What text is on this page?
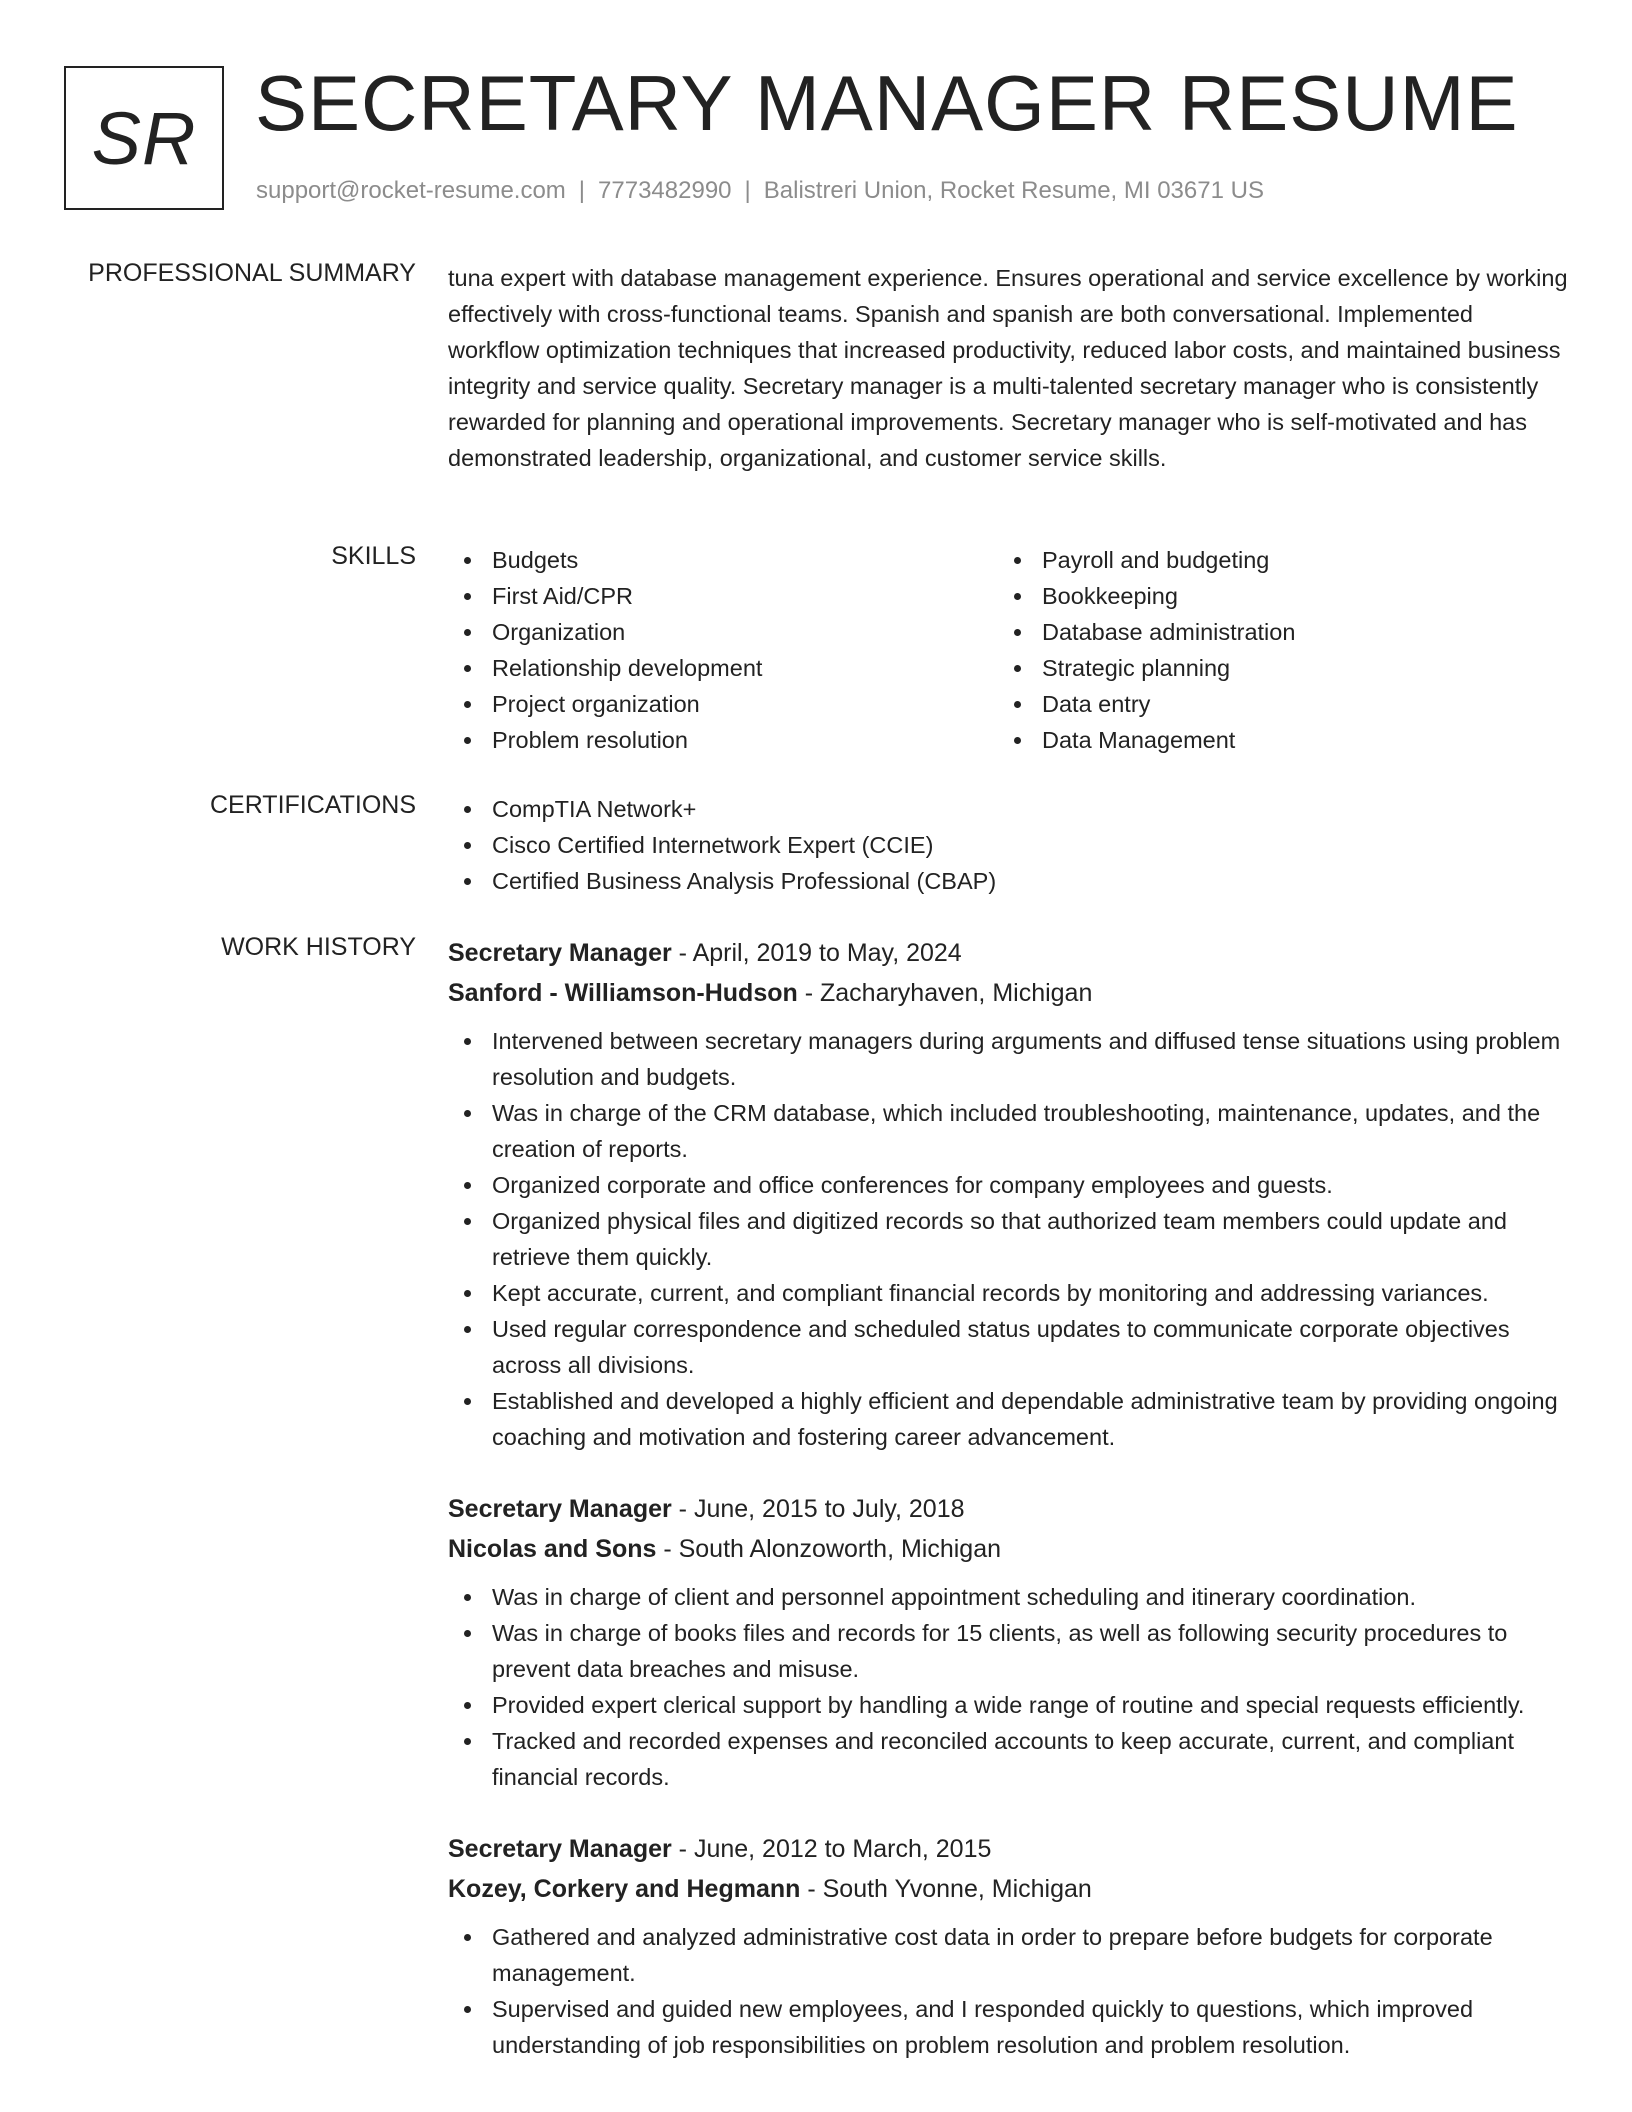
SR SECRETARY MANAGER RESUME
support@rocket-resume.com | 7773482990 | Balistreri Union, Rocket Resume, MI 03671 US
PROFESSIONAL SUMMARY tuna expert with database management experience. Ensures operational and service excellence by working effectively with cross-functional teams. Spanish and spanish are both conversational. Implemented workflow optimization techniques that increased productivity, reduced labor costs, and maintained business integrity and service quality. Secretary manager is a multi-talented secretary manager who is consistently rewarded for planning and operational improvements. Secretary manager who is self-motivated and has demonstrated leadership, organizational, and customer service skills.
SKILLS	Budgets
First Aid/CPR
Organization
Relationship development
Project organization
Problem resolution
Payroll and budgeting
Bookkeeping
Database administration
Strategic planning
Data entry
Data Management
CERTIFICATIONS	CompTIA Network+
Cisco Certified Internetwork Expert (CCIE)
Certified Business Analysis Professional (CBAP)
WORK HISTORY Secretary Manager - April, 2019 to May, 2024
Sanford - Williamson-Hudson - Zacharyhaven, Michigan
Intervened between secretary managers during arguments and diffused tense situations using problem resolution and budgets.
Was in charge of the CRM database, which included troubleshooting, maintenance, updates, and the creation of reports.
Organized corporate and office conferences for company employees and guests.
Organized physical files and digitized records so that authorized team members could update and retrieve them quickly.
Kept accurate, current, and compliant financial records by monitoring and addressing variances.
Used regular correspondence and scheduled status updates to communicate corporate objectives across all divisions.
Established and developed a highly efficient and dependable administrative team by providing ongoing coaching and motivation and fostering career advancement.
Secretary Manager - June, 2015 to July, 2018
Nicolas and Sons - South Alonzoworth, Michigan
Was in charge of client and personnel appointment scheduling and itinerary coordination.
Was in charge of books files and records for 15 clients, as well as following security procedures to prevent data breaches and misuse.
Provided expert clerical support by handling a wide range of routine and special requests efficiently.
Tracked and recorded expenses and reconciled accounts to keep accurate, current, and compliant financial records.
Secretary Manager - June, 2012 to March, 2015
Kozey, Corkery and Hegmann - South Yvonne, Michigan
Gathered and analyzed administrative cost data in order to prepare before budgets for corporate management.
Supervised and guided new employees, and I responded quickly to questions, which improved understanding of job responsibilities on problem resolution and problem resolution.
